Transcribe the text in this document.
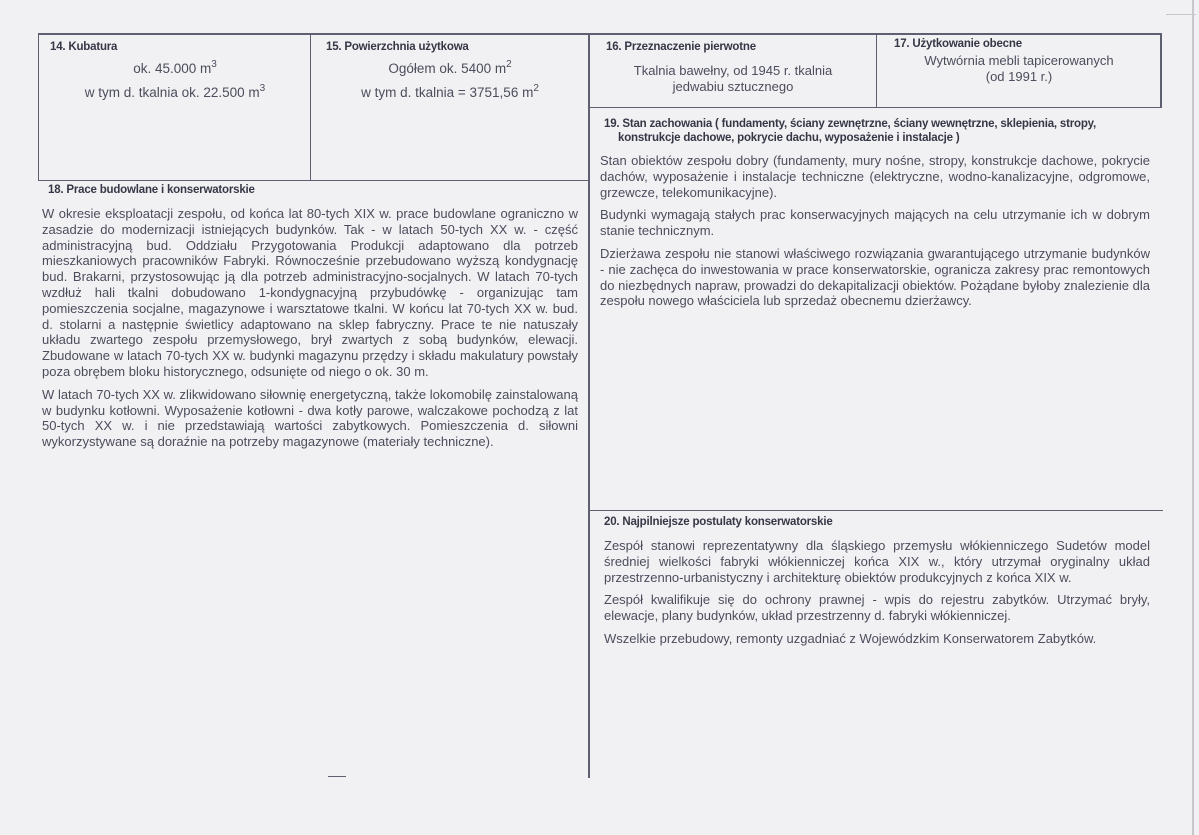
14. Kubatura
ok. 45.000 $m^3$
w tym d. tkalnia ok. 22.500 $m^3$
15. Powierzchnia użytkowa
Ogółem ok. 5400 $m^2$
w tym d. tkalnia = 3751,56 $m^2$
16. Przeznaczenie pierwotne
Tkalnia bawełny, od 1945 r. tkalnia
jedwabiu sztucznego
17. Użytkowanie obecne
Wytwórnia mebli tapicerowanych
(od 1991 r.)
18. Prace budowlane i konserwatorskie

W okresie eksploatacji zespołu, od końca lat 80-tych XIX w. prace budowlane ograniczno w zasadzie do modernizacji istniejących budynków. Tak - w latach 50-tych XX w. - część administracyjną bud. Oddziału Przygotowania Produkcji adaptowano dla potrzeb mieszkaniowych pracowników Fabryki. Równocześnie przebudowano wyższą kondygnację bud. Brakarni, przystosowując ją dla potrzeb administracyjno-socjalnych. W latach 70-tych wzdłuż hali tkalni dobudowano 1-kondygnacyjną przybudówkę - organizując tam pomieszczenia socjalne, magazynowe i warsztatowe tkalni. W końcu lat 70-tych XX w. bud. d. stolarni a następnie świetlicy adaptowano na sklep fabryczny. Prace te nie natuszały układu zwartego zespołu przemysłowego, brył zwartych z sobą budynków, elewacji. Zbudowane w latach 70-tych XX w. budynki magazynu przędzy i składu makulatury powstały poza obrębem bloku historycznego, odsunięte od niego o ok. 30 m.

W latach 70-tych XX w. zlikwidowano siłownię energetyczną, także lokomobilę zainstalowaną w budynku kotłowni. Wyposażenie kotłowni - dwa kotły parowe, walczakowe pochodzą z lat 50-tych XX w. i nie przedstawiają wartości zabytkowych. Pomieszczenia d. siłowni wykorzystywane są doraźnie na potrzeby magazynowe (materiały techniczne).

19. Stan zachowania ( fundamenty, ściany zewnętrzne, ściany wewnętrzne, sklepienia, stropy,
konstrukcje dachowe, pokrycie dachu, wyposażenie i instalacje )

Stan obiektów zespołu dobry (fundamenty, mury nośne, stropy, konstrukcje dachowe, pokrycie dachów, wyposażenie i instalacje techniczne (elektryczne, wodno-kanalizacyjne, odgromowe, grzewcze, telekomunikacyjne).

Budynki wymagają stałych prac konserwacyjnych mających na celu utrzymanie ich w dobrym stanie technicznym.

Dzierżawa zespołu nie stanowi właściwego rozwiązania gwarantującego utrzymanie budynków - nie zachęca do inwestowania w prace konserwatorskie, ogranicza zakresy prac remontowych do niezbędnych napraw, prowadzi do dekapitalizacji obiektów. Pożądane byłoby znalezienie dla zespołu nowego właściciela lub sprzedaż obecnemu dzierżawcy.

20. Najpilniejsze postulaty konserwatorskie

Zespół stanowi reprezentatywny dla śląskiego przemysłu włókienniczego Sudetów model średniej wielkości fabryki włókienniczej końca XIX w., który utrzymał oryginalny układ przestrzenno-urbanistyczny i architekturę obiektów produkcyjnych z końca XIX w.

Zespół kwalifikuje się do ochrony prawnej - wpis do rejestru zabytków. Utrzymać bryły, elewacje, plany budynków, układ przestrzenny d. fabryki włókienniczej.

Wszelkie przebudowy, remonty uzgadniać z Wojewódzkim Konserwatorem Zabytków.
